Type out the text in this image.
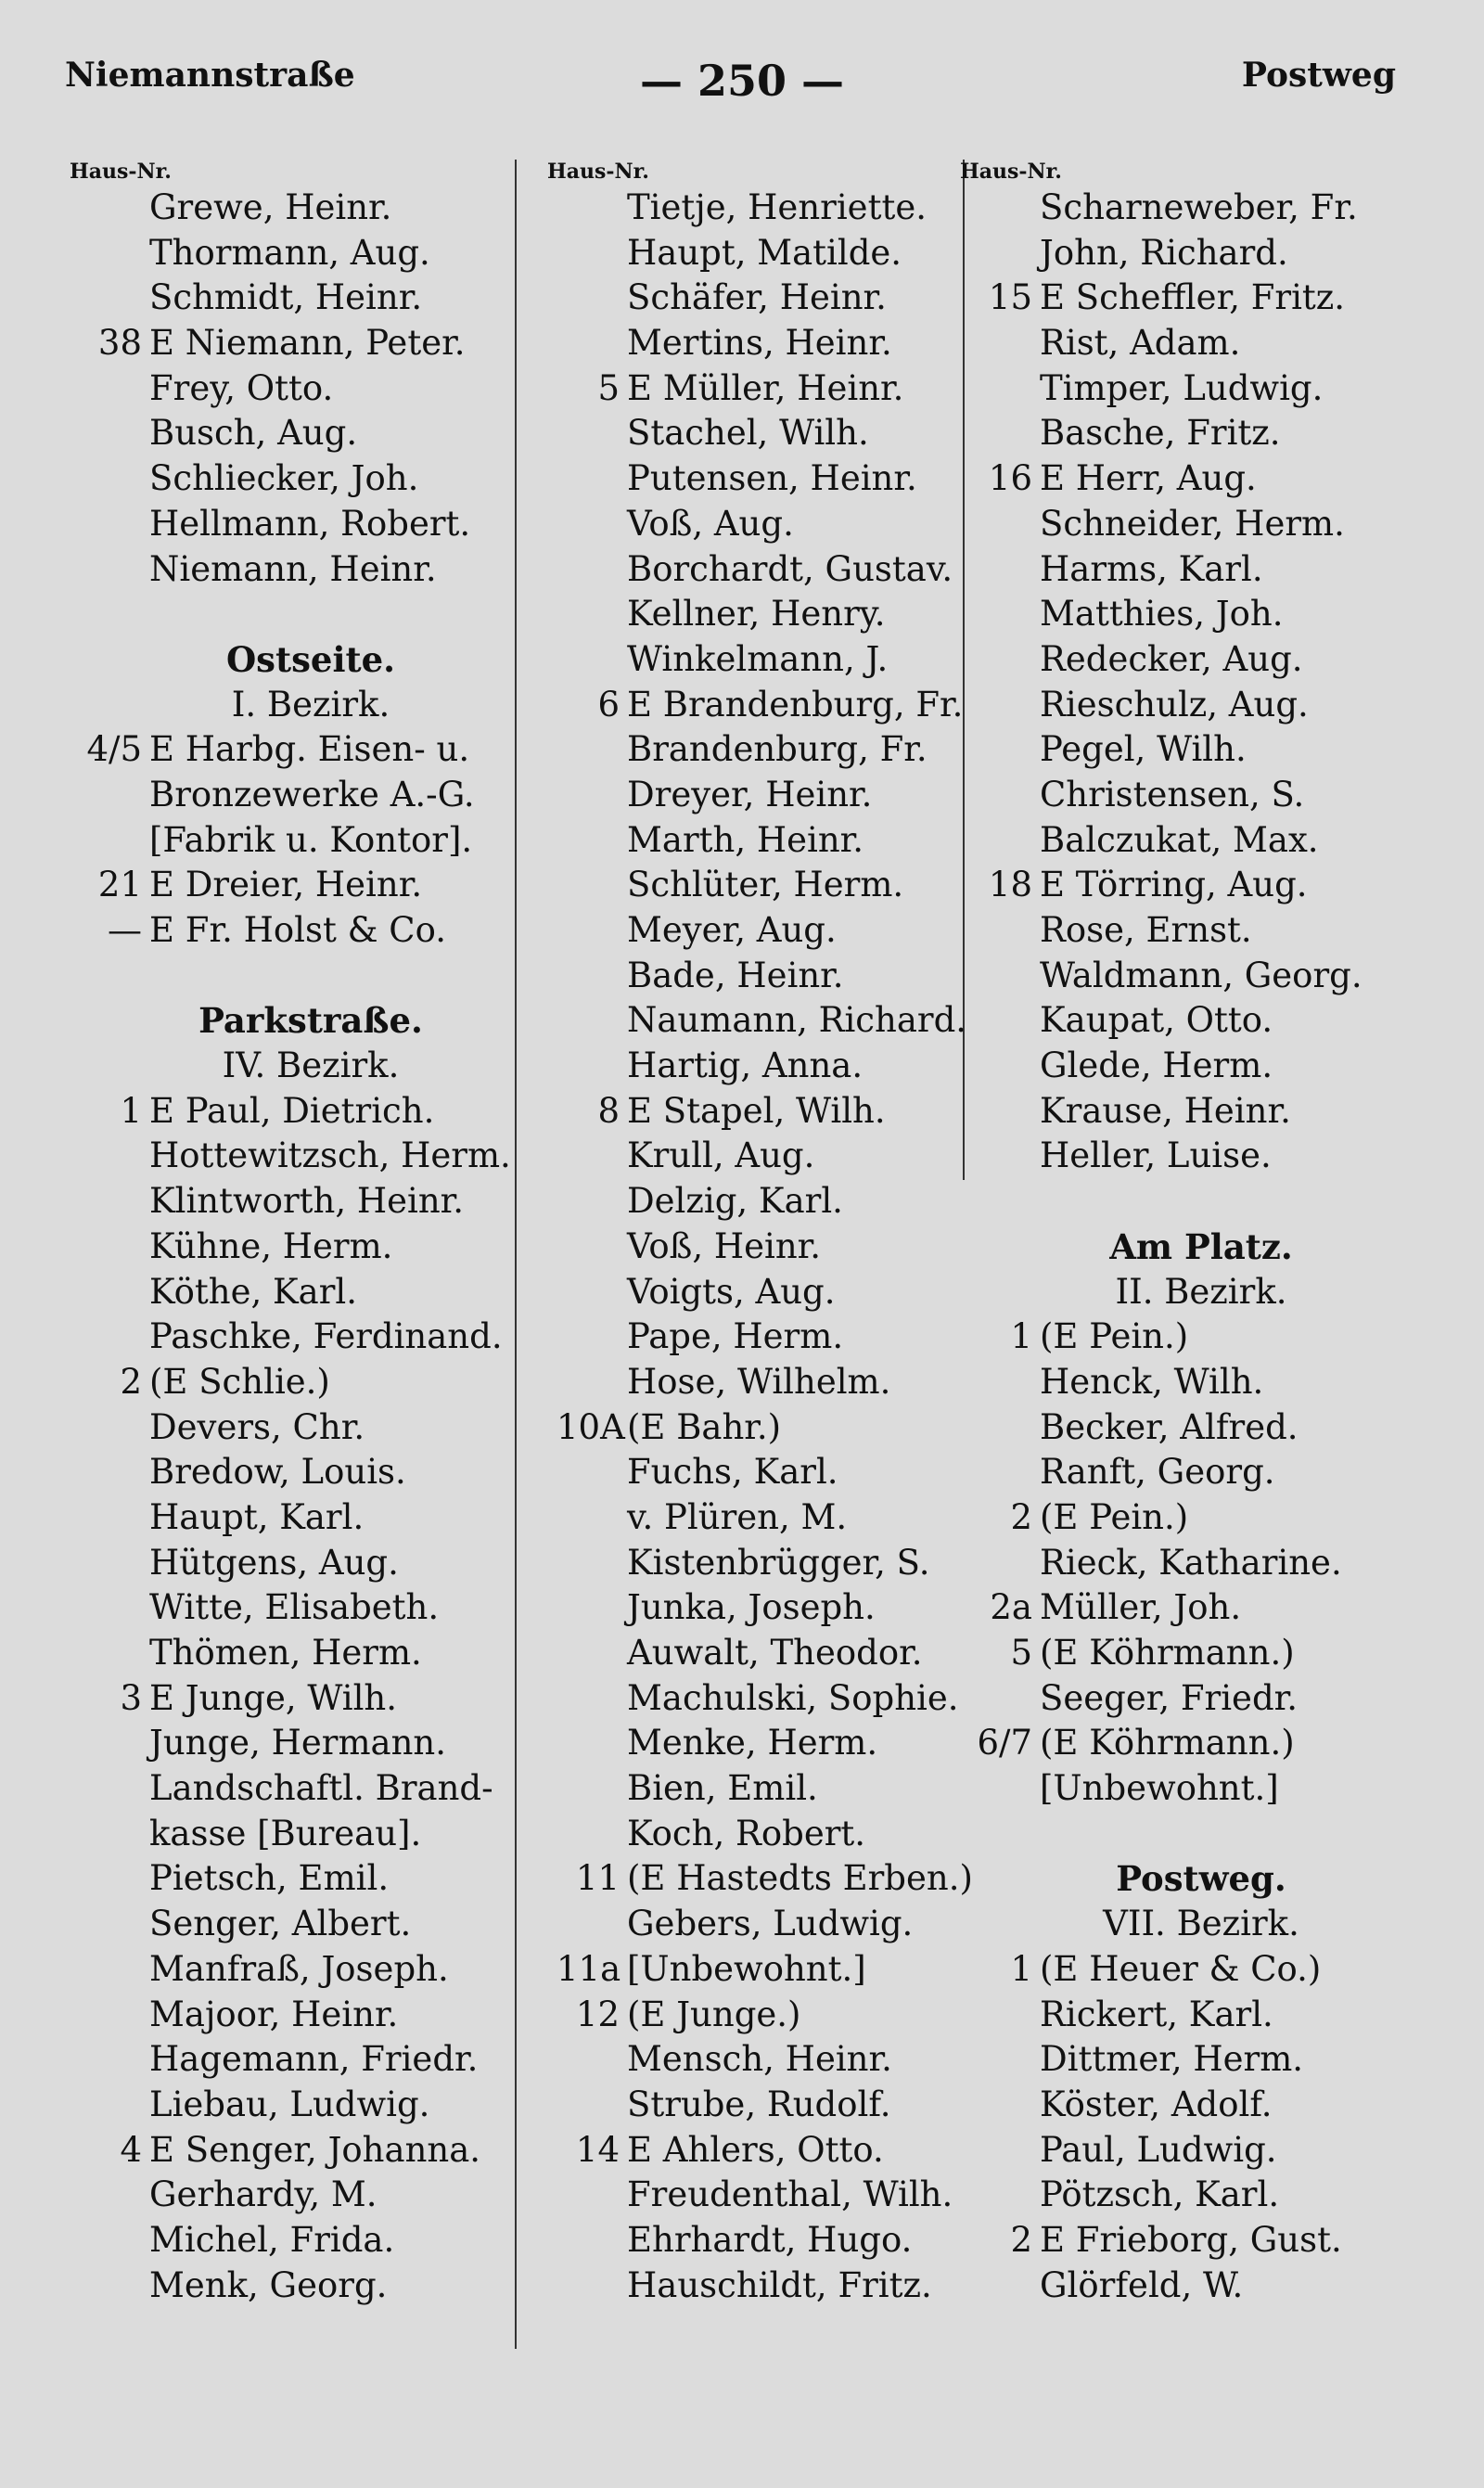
Niemannstraße	— 250 —	Postweg
Haus-Nr.
Grewe, Heinr.
Thormann, Aug.
Schmidt, Heinr.
38 E Niemann, Peter.
Frey, Otto.
Busch, Aug.
Schliecker, Joh.
Hellmann, Robert.
Niemann, Heinr.
Ostseite.
I. Bezirk.
4/5 E Harbg. Eisen- u.
Bronzewerke A.-G.
[Fabrik u. Kontor].
21 E Dreier, Heinr.
— E Fr. Holst & Co.
Parkstraße.
IV. Bezirk.
1 E Paul, Dietrich.
Hottewitzsch, Herm.
Klintworth, Heinr.
Kühne, Herm.
Köthe, Karl.
Paschke, Ferdinand.
2 (E Schlie.)
Devers, Chr.
Bredow, Louis.
Haupt, Karl.
Hütgens, Aug.
Witte, Elisabeth.
Thömen, Herm.
3 E Junge, Wilh.
Junge, Hermann.
Landschaftl. Brand-
kasse [Bureau].
Pietsch, Emil.
Senger, Albert.
Manfraß, Joseph.
Majoor, Heinr.
Hagemann, Friedr.
Liebau, Ludwig.
4 E Senger, Johanna.
Gerhardy, M.
Michel, Frida.
Menk, Georg.
Haus-Nr.
Tietje, Henriette.
Haupt, Matilde.
Schäfer, Heinr.
Mertins, Heinr.
5 E Müller, Heinr.
Stachel, Wilh.
Putensen, Heinr.
Voß, Aug.
Borchardt, Gustav.
Kellner, Henry.
Winkelmann, J.
6 E Brandenburg, Fr.
Brandenburg, Fr.
Dreyer, Heinr.
Marth, Heinr.
Schlüter, Herm.
Meyer, Aug.
Bade, Heinr.
Naumann, Richard.
Hartig, Anna.
8 E Stapel, Wilh.
Krull, Aug.
Delzig, Karl.
Voß, Heinr.
Voigts, Aug.
Pape, Herm.
Hose, Wilhelm.
10A (E Bahr.)
Fuchs, Karl.
v. Plüren, M.
Kistenbrügger, S.
Junka, Joseph.
Auwalt, Theodor.
Machulski, Sophie.
Menke, Herm.
Bien, Emil.
Koch, Robert.
11 (E Hastedts Erben.)
Gebers, Ludwig.
11a [Unbewohnt.]
12 (E Junge.)
Mensch, Heinr.
Strube, Rudolf.
14 E Ahlers, Otto.
Freudenthal, Wilh.
Ehrhardt, Hugo.
Hauschildt, Fritz.
Haus-Nr.
Scharneweber, Fr.
John, Richard.
15 E Scheffler, Fritz.
Rist, Adam.
Timper, Ludwig.
Basche, Fritz.
16 E Herr, Aug.
Schneider, Herm.
Harms, Karl.
Matthies, Joh.
Redecker, Aug.
Rieschulz, Aug.
Pegel, Wilh.
Christensen, S.
Balczukat, Max.
18 E Törring, Aug.
Rose, Ernst.
Waldmann, Georg.
Kaupat, Otto.
Glede, Herm.
Krause, Heinr.
Heller, Luise.
Am Platz.
II. Bezirk.
1 (E Pein.)
Henck, Wilh.
Becker, Alfred.
Ranft, Georg.
2 (E Pein.)
Rieck, Katharine.
2a Müller, Joh.
5 (E Köhrmann.)
Seeger, Friedr.
6/7 (E Köhrmann.)
[Unbewohnt.]
Postweg.
VII. Bezirk.
1 (E Heuer & Co.)
Rickert, Karl.
Dittmer, Herm.
Köster, Adolf.
Paul, Ludwig.
Pötzsch, Karl.
2 E Frieborg, Gust.
Glörfeld, W.
